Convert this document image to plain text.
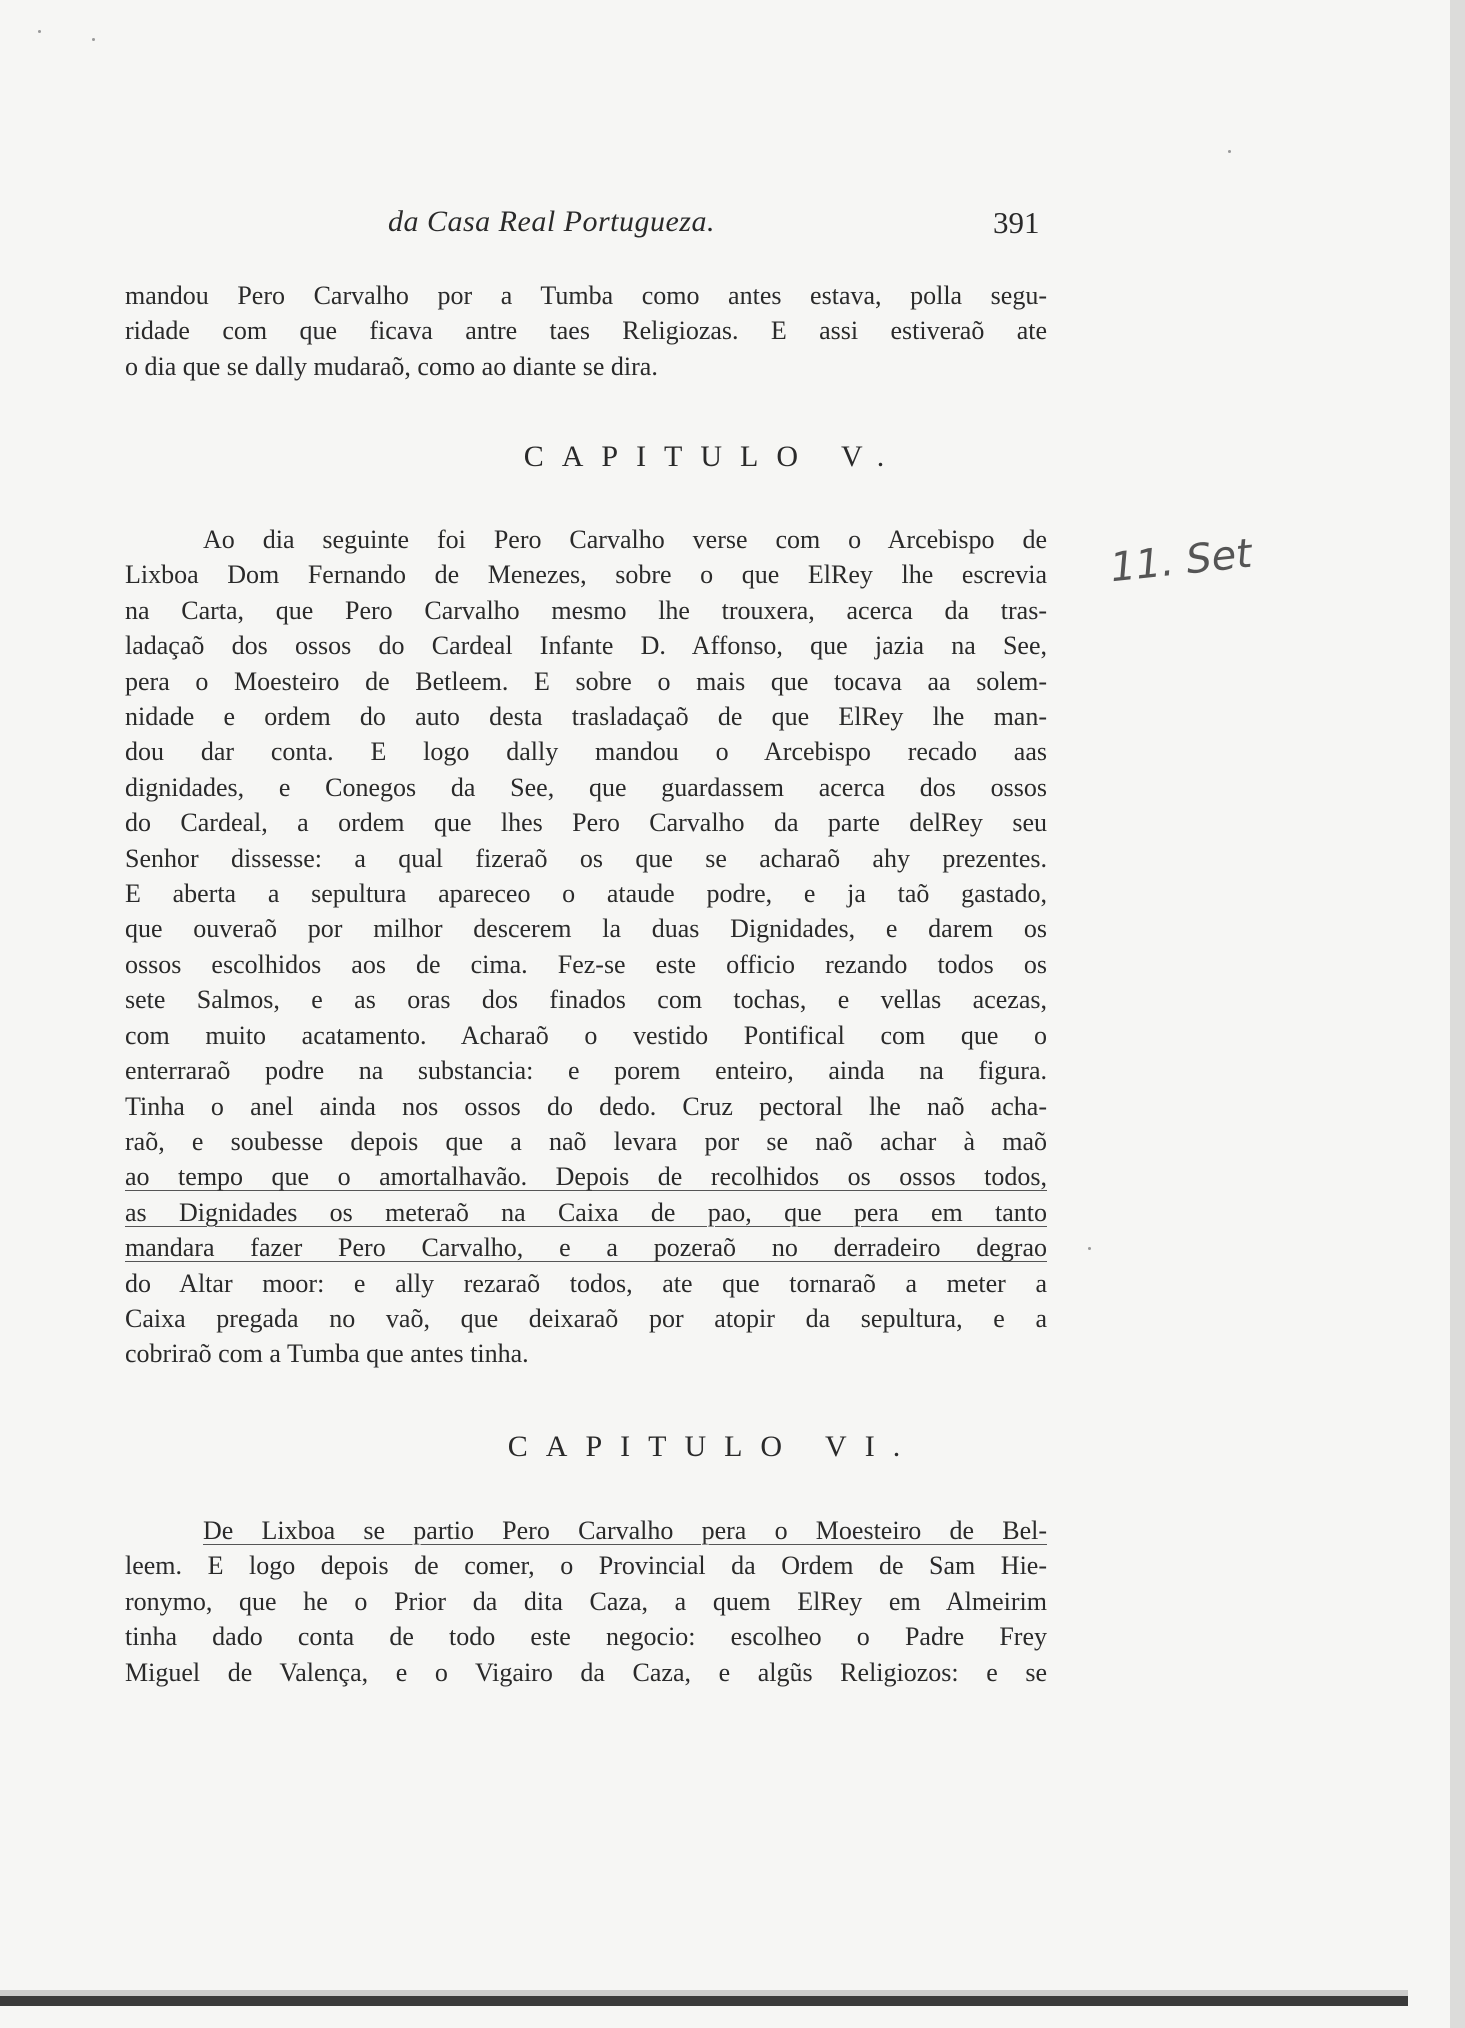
da Casa Real Portugueza.	391
mandou Pero Carvalho por a Tumba como antes estava, polla segu-
ridade com que ficava antre taes Religiozas. E assi estiveraõ ate
o dia que se dally mudaraõ, como ao diante se dira.
CAPITULO V.
Ao dia seguinte foi Pero Carvalho verse com o Arcebispo de
Lixboa Dom Fernando de Menezes, sobre o que ElRey lhe escrevia
na Carta, que Pero Carvalho mesmo lhe trouxera, acerca da tras-
ladaçaõ dos ossos do Cardeal Infante D. Affonso, que jazia na See,
pera o Moesteiro de Betleem. E sobre o mais que tocava aa solem-
nidade e ordem do auto desta trasladaçaõ de que ElRey lhe man-
dou dar conta. E logo dally mandou o Arcebispo recado aas
dignidades, e Conegos da See, que guardassem acerca dos ossos
do Cardeal, a ordem que lhes Pero Carvalho da parte delRey seu
Senhor dissesse: a qual fizeraõ os que se acharaõ ahy prezentes.
E aberta a sepultura apareceo o ataude podre, e ja taõ gastado,
que ouveraõ por milhor descerem la duas Dignidades, e darem os
ossos escolhidos aos de cima. Fez-se este officio rezando todos os
sete Salmos, e as oras dos finados com tochas, e vellas acezas,
com muito acatamento. Acharaõ o vestido Pontifical com que o
enterraraõ podre na substancia: e porem enteiro, ainda na figura.
Tinha o anel ainda nos ossos do dedo. Cruz pectoral lhe naõ acha-
raõ, e soubesse depois que a naõ levara por se naõ achar à maõ
ao tempo que o amortalhavão. Depois de recolhidos os ossos todos,
as Dignidades os meteraõ na Caixa de pao, que pera em tanto
mandara fazer Pero Carvalho, e a pozeraõ no derradeiro degrao
do Altar moor: e ally rezaraõ todos, ate que tornaraõ a meter a
Caixa pregada no vaõ, que deixaraõ por atopir da sepultura, e a
cobriraõ com a Tumba que antes tinha.
CAPITULO VI.
De Lixboa se partio Pero Carvalho pera o Moesteiro de Bel-
leem. E logo depois de comer, o Provincial da Ordem de Sam Hie-
ronymo, que he o Prior da dita Caza, a quem ElRey em Almeirim
tinha dado conta de todo este negocio: escolheo o Padre Frey
Miguel de Valença, e o Vigairo da Caza, e algũs Religiozos: e se
11. Set
